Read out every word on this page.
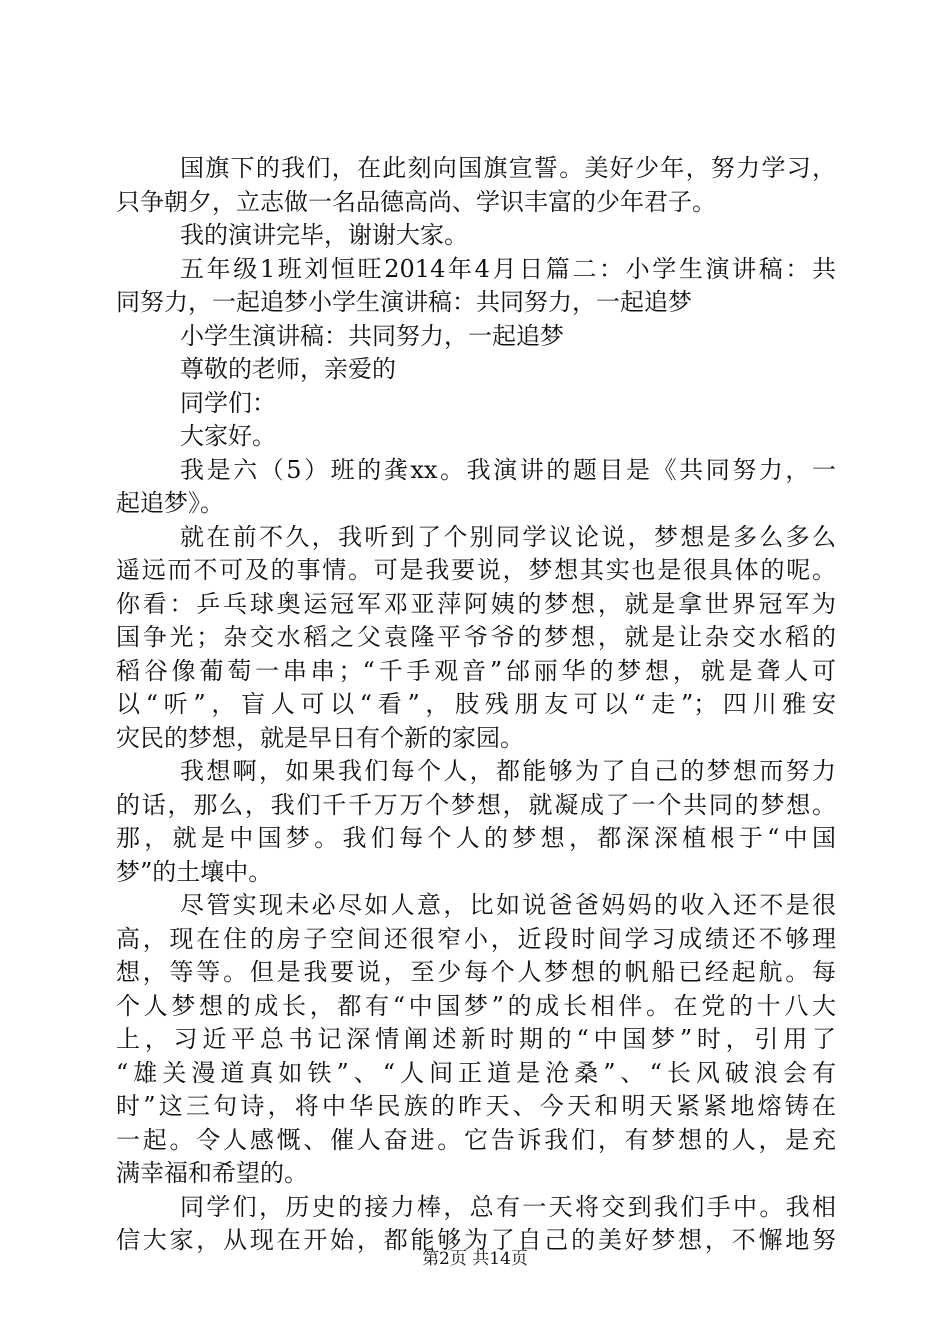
国旗下的我们，在此刻向国旗宣誓。美好少年，努力学习，
只争朝夕，立志做一名品德高尚、学识丰富的少年君子。
我的演讲完毕，谢谢大家。
五年级1班刘恒旺2014年4月日篇二：小学生演讲稿：共
同努力，一起追梦小学生演讲稿：共同努力，一起追梦
小学生演讲稿：共同努力，一起追梦
尊敬的老师，亲爱的
同学们：
大家好。
我是六（5）班的龚xx。我演讲的题目是《共同努力，一
起追梦》。
就在前不久，我听到了个别同学议论说，梦想是多么多么
遥远而不可及的事情。可是我要说，梦想其实也是很具体的呢。
你看：乒乓球奥运冠军邓亚萍阿姨的梦想，就是拿世界冠军为
国争光；杂交水稻之父袁隆平爷爷的梦想，就是让杂交水稻的
稻谷像葡萄一串串；“千手观音”邰丽华的梦想，就是聋人可
以“听”，盲人可以“看”，肢残朋友可以“走”；四川雅安
灾民的梦想，就是早日有个新的家园。
我想啊，如果我们每个人，都能够为了自己的梦想而努力
的话，那么，我们千千万万个梦想，就凝成了一个共同的梦想。
那，就是中国梦。我们每个人的梦想，都深深植根于“中国
梦”的土壤中。
尽管实现未必尽如人意，比如说爸爸妈妈的收入还不是很
高，现在住的房子空间还很窄小，近段时间学习成绩还不够理
想，等等。但是我要说，至少每个人梦想的帆船已经起航。每
个人梦想的成长，都有“中国梦”的成长相伴。在党的十八大
上，习近平总书记深情阐述新时期的“中国梦”时，引用了
“雄关漫道真如铁”、“人间正道是沧桑”、“长风破浪会有
时”这三句诗，将中华民族的昨天、今天和明天紧紧地熔铸在
一起。令人感慨、催人奋进。它告诉我们，有梦想的人，是充
满幸福和希望的。
同学们，历史的接力棒，总有一天将交到我们手中。我相
信大家，从现在开始，都能够为了自己的美好梦想，不懈地努
第2页 共14页
